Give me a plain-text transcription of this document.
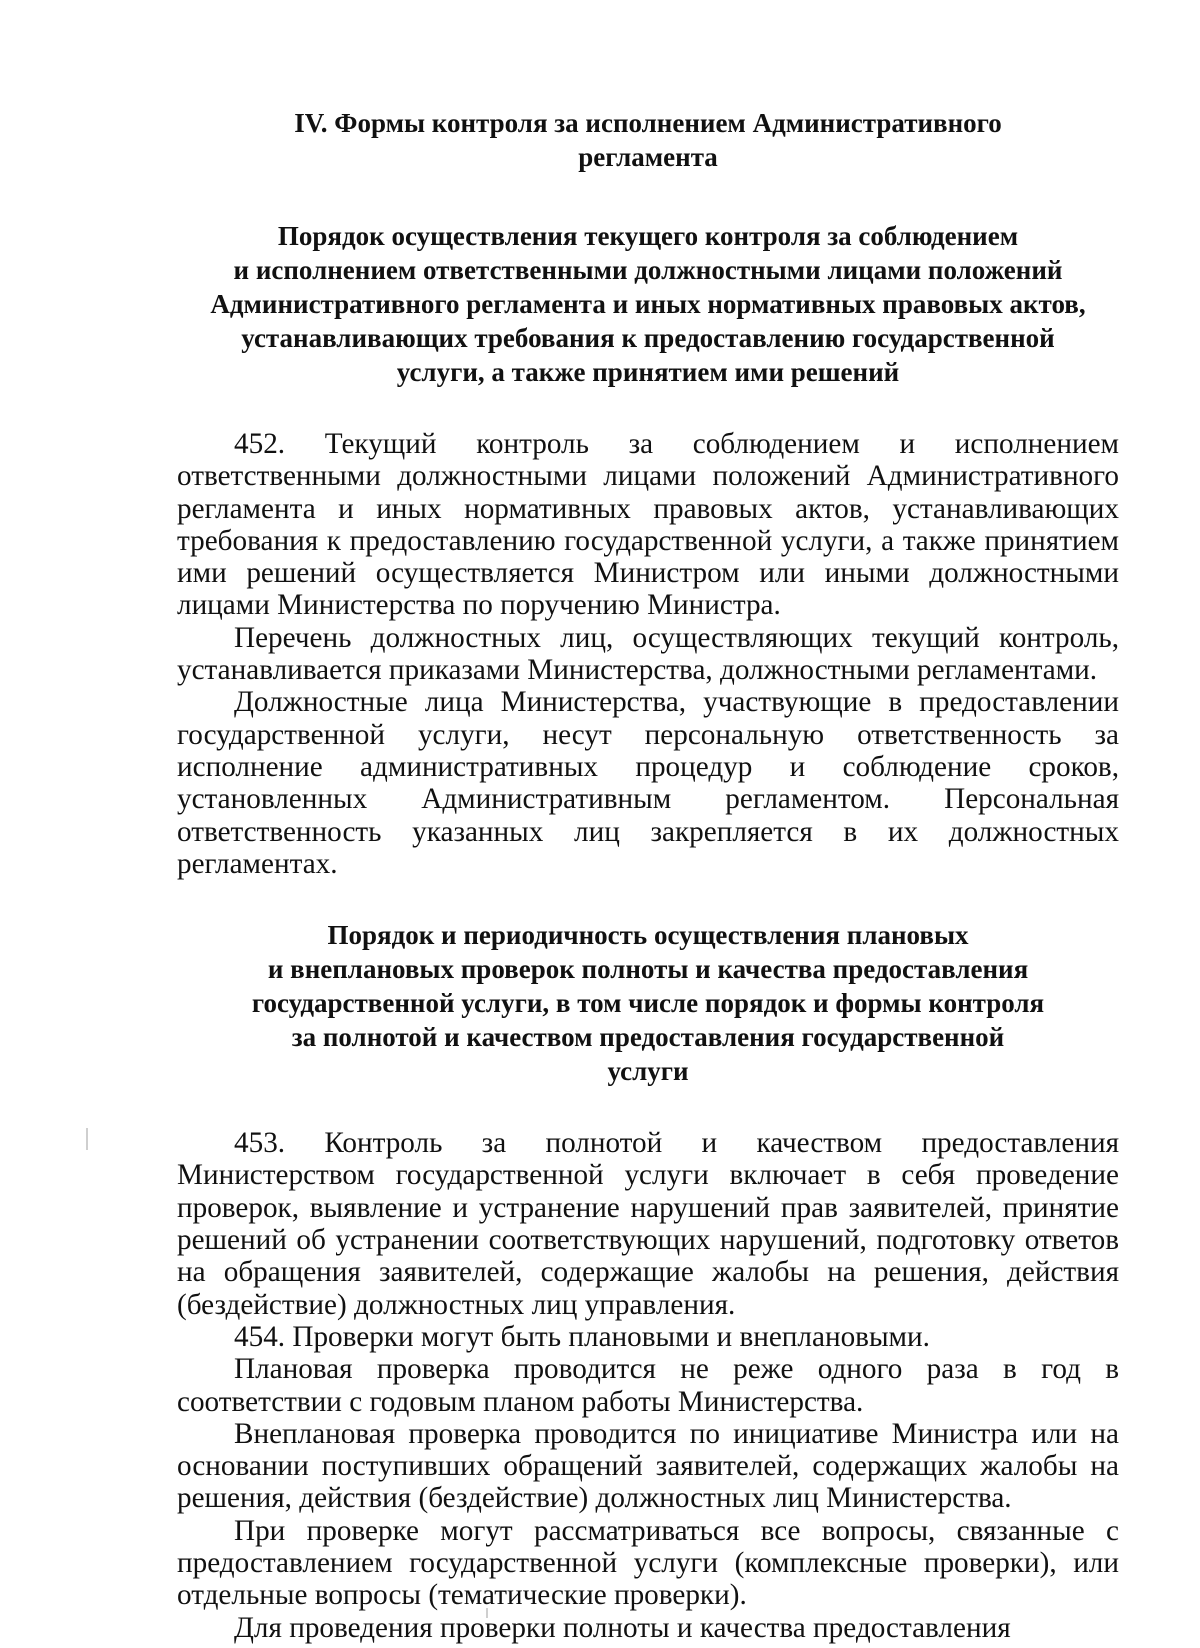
IV. Формы контроля за исполнением Административного
регламента
Порядок осуществления текущего контроля за соблюдением
и исполнением ответственными должностными лицами положений
Административного регламента и иных нормативных правовых актов,
устанавливающих требования к предоставлению государственной
услуги, а также принятием ими решений

452. Текущий контроль за соблюдением и исполнением ответственными должностными лицами положений Административного регламента и иных нормативных правовых актов, устанавливающих требования к предоставлению государственной услуги, а также принятием ими решений осуществляется Министром или иными должностными лицами Министерства по поручению Министра.

Перечень должностных лиц, осуществляющих текущий контроль, устанавливается приказами Министерства, должностными регламентами.

Должностные лица Министерства, участвующие в предоставлении государственной услуги, несут персональную ответственность за исполнение административных процедур и соблюдение сроков, установленных Административным регламентом. Персональная ответственность указанных лиц закрепляется в их должностных регламентах.

Порядок и периодичность осуществления плановых
и внеплановых проверок полноты и качества предоставления
государственной услуги, в том числе порядок и формы контроля
за полнотой и качеством предоставления государственной
услуги

453. Контроль за полнотой и качеством предоставления Министерством государственной услуги включает в себя проведение проверок, выявление и устранение нарушений прав заявителей, принятие решений об устранении соответствующих нарушений, подготовку ответов на обращения заявителей, содержащие жалобы на решения, действия (бездействие) должностных лиц управления.

454. Проверки могут быть плановыми и внеплановыми.

Плановая проверка проводится не реже одного раза в год в соответствии с годовым планом работы Министерства.

Внеплановая проверка проводится по инициативе Министра или на основании поступивших обращений заявителей, содержащих жалобы на решения, действия (бездействие) должностных лиц Министерства.

При проверке могут рассматриваться все вопросы, связанные с предоставлением государственной услуги (комплексные проверки), или отдельные вопросы (тематические проверки).

Для проведения проверки полноты и качества предоставления
